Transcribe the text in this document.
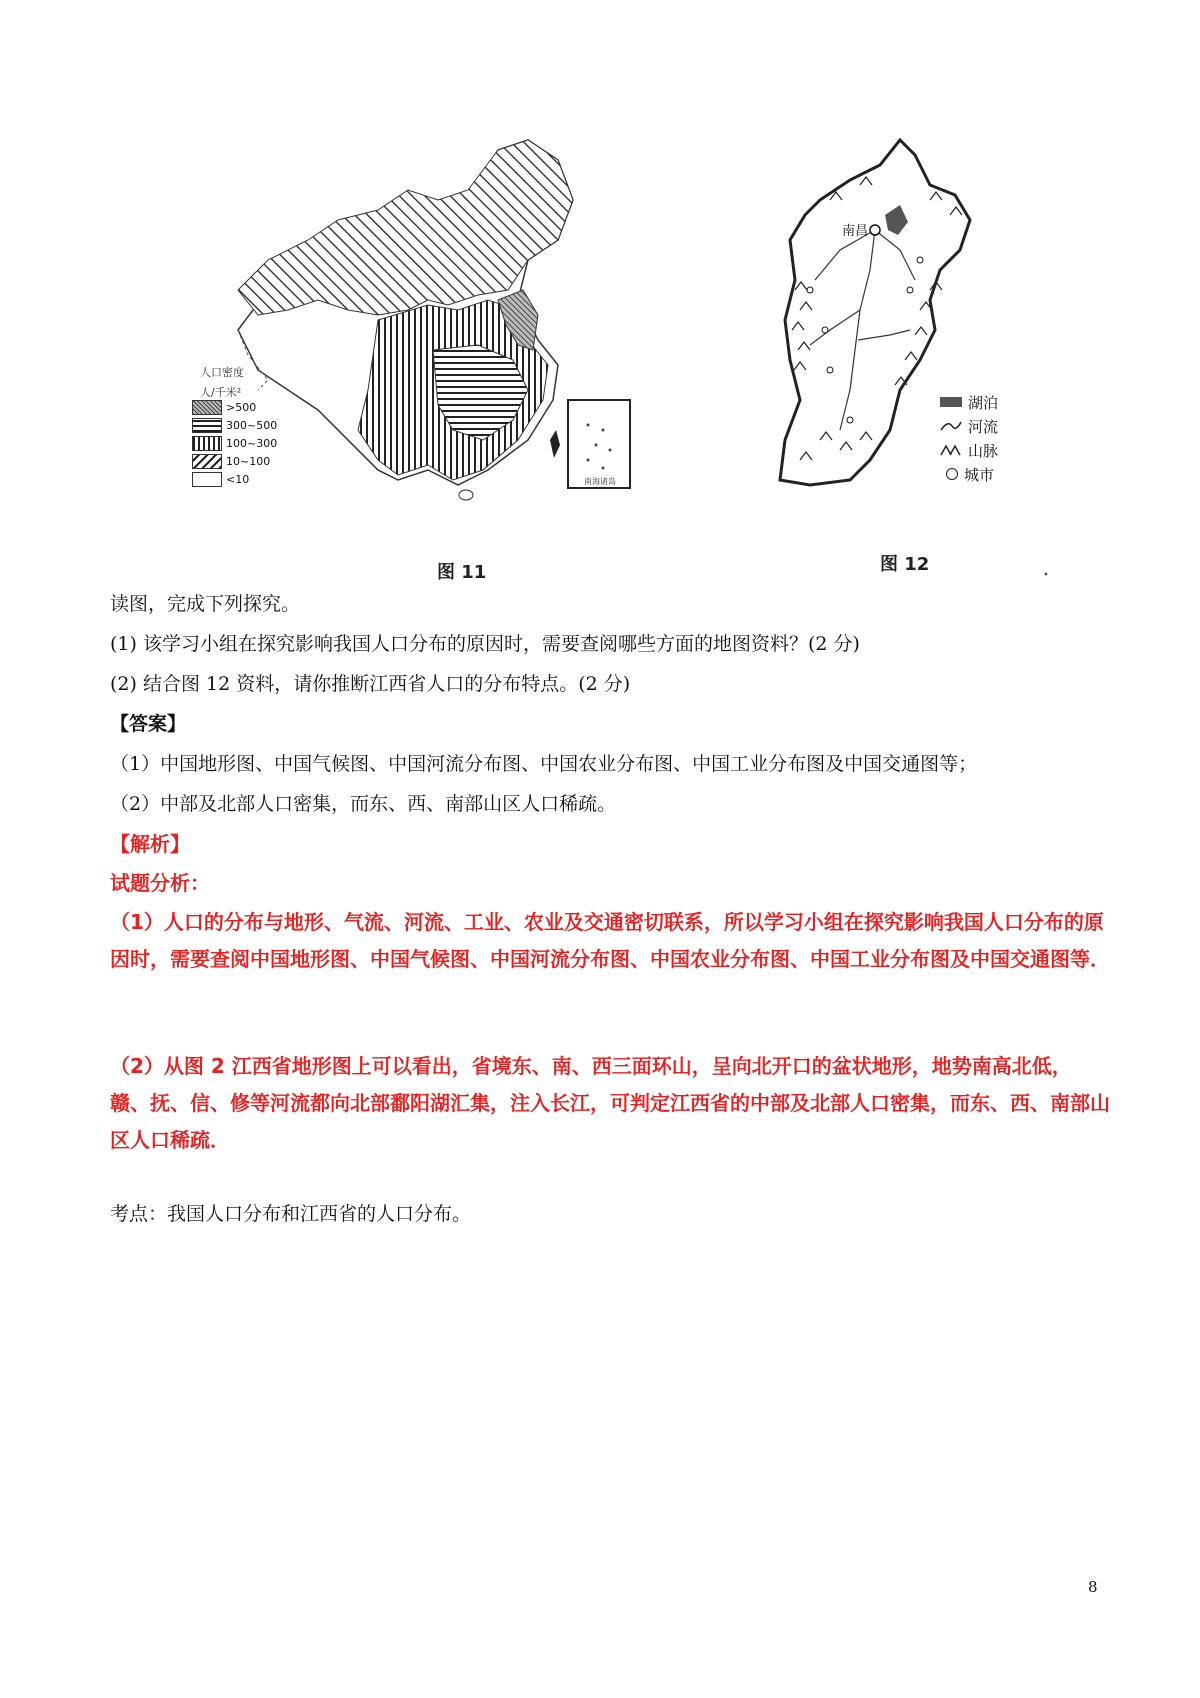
人口密度
人/千米²
南海诸岛
>500
300~500
100~300
10~100
<10
图 11
南昌
湖泊
河流
山脉
城市
图 12
•
读图，完成下列探究。
(1) 该学习小组在探究影响我国人口分布的原因时，需要查阅哪些方面的地图资料？(2 分)
(2) 结合图 12 资料，请你推断江西省人口的分布特点。(2 分)
【答案】
（1）中国地形图、中国气候图、中国河流分布图、中国农业分布图、中国工业分布图及中国交通图等；
（2）中部及北部人口密集，而东、西、南部山区人口稀疏。
【解析】
试题分析：
（1）人口的分布与地形、气流、河流、工业、农业及交通密切联系，所以学习小组在探究影响我国人口分布的原因时，需要查阅中国地形图、中国气候图、中国河流分布图、中国农业分布图、中国工业分布图及中国交通图等．
（2）从图 2 江西省地形图上可以看出，省境东、南、西三面环山，呈向北开口的盆状地形，地势南高北低，赣、抚、信、修等河流都向北部鄱阳湖汇集，注入长江，可判定江西省的中部及北部人口密集，而东、西、南部山区人口稀疏．
考点：我国人口分布和江西省的人口分布。
8
